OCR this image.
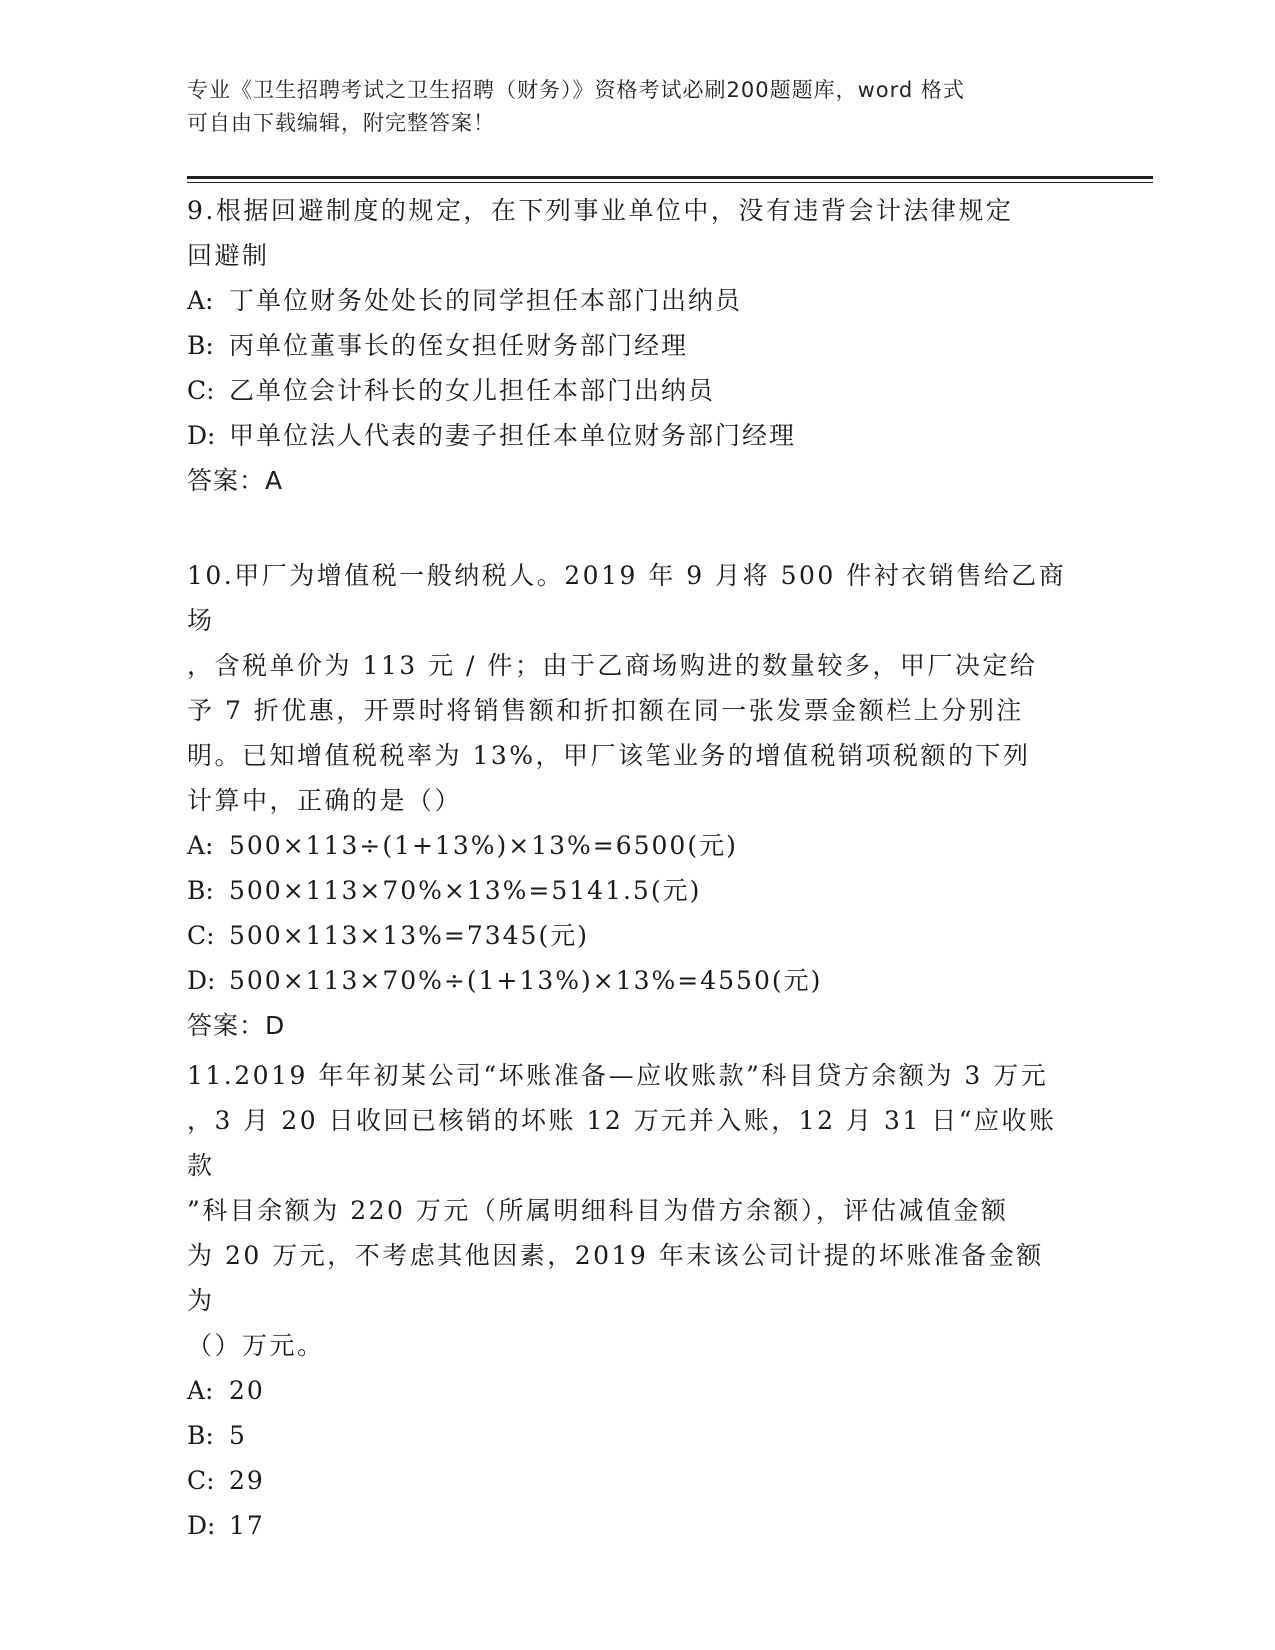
专业《卫生招聘考试之卫生招聘（财务）》资格考试必刷200题题库，word 格式
可自由下载编辑，附完整答案！

9.根据回避制度的规定，在下列事业单位中，没有违背会计法律规定

回避制

A: 丁单位财务处处长的同学担任本部门出纳员

B: 丙单位董事长的侄女担任财务部门经理

C: 乙单位会计科长的女儿担任本部门出纳员

D: 甲单位法人代表的妻子担任本单位财务部门经理

答案：A

10.甲厂为增值税一般纳税人。2019 年 9 月将 500 件衬衣销售给乙商场

，含税单价为 113 元 / 件；由于乙商场购进的数量较多，甲厂决定给

予 7 折优惠，开票时将销售额和折扣额在同一张发票金额栏上分别注

明。已知增值税税率为 13%，甲厂该笔业务的增值税销项税额的下列

计算中，正确的是（）

A: 500×113÷(1+13%)×13%=6500(元)

B: 500×113×70%×13%=5141.5(元)

C: 500×113×13%=7345(元)

D: 500×113×70%÷(1+13%)×13%=4550(元)

答案：D

11.2019 年年初某公司“坏账准备—应收账款”科目贷方余额为 3 万元

，3 月 20 日收回已核销的坏账 12 万元并入账，12 月 31 日“应收账款

”科目余额为 220 万元（所属明细科目为借方余额），评估减值金额

为 20 万元，不考虑其他因素，2019 年末该公司计提的坏账准备金额为

（）万元。

A: 20

B: 5

C: 29

D: 17
